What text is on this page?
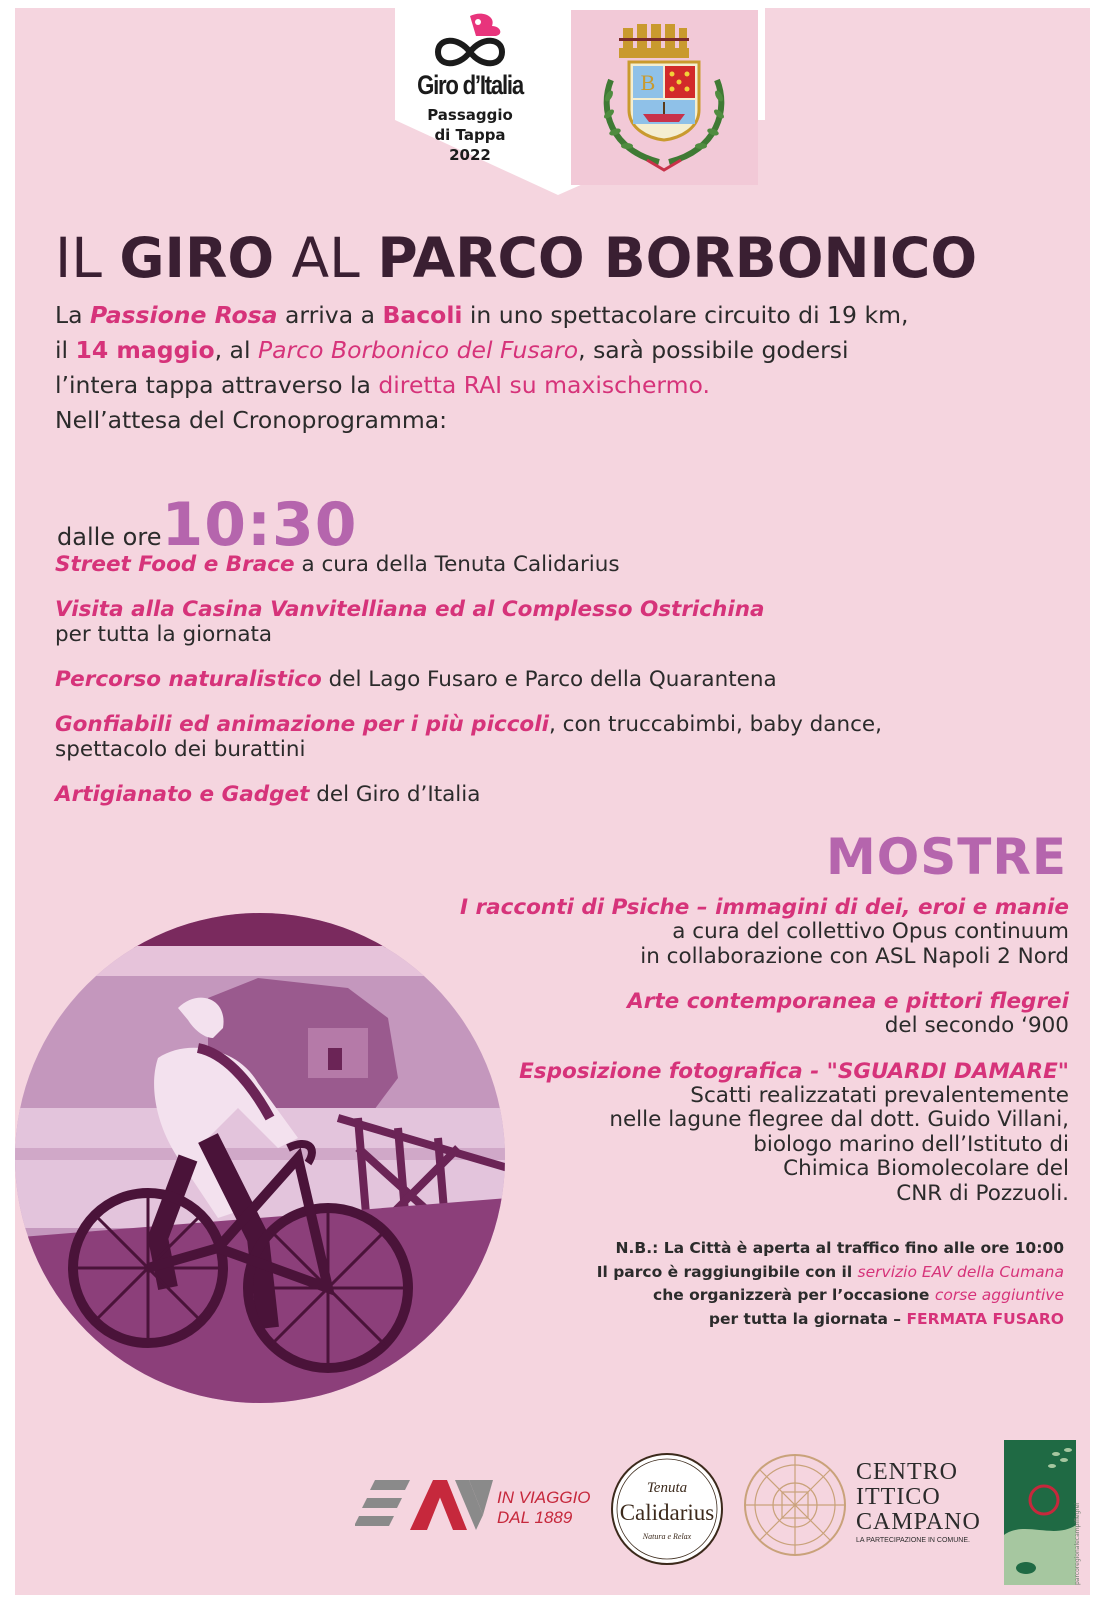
Giro d’Italia
Passaggio
di Tappa
2022
B
IL GIRO AL PARCO BORBONICO
La Passione Rosa arriva a Bacoli in uno spettacolare circuito di 19 km,
il 14 maggio, al Parco Borbonico del Fusaro, sarà possibile godersi
l’intera tappa attraverso la diretta RAI su maxischermo.
Nell’attesa del Cronoprogramma:
dalle ore10:30
Street Food e Brace a cura della Tenuta Calidarius
Visita alla Casina Vanvitelliana ed al Complesso Ostrichina
per tutta la giornata
Percorso naturalistico del Lago Fusaro e Parco della Quarantena
Gonfiabili ed animazione per i più piccoli, con truccabimbi, baby dance,
spettacolo dei burattini
Artigianato e Gadget del Giro d’Italia
MOSTRE
I racconti di Psiche – immagini di dei, eroi e manie
a cura del collettivo Opus continuum
in collaborazione con ASL Napoli 2 Nord
Arte contemporanea e pittori flegrei
del secondo ‘900
Esposizione fotografica - "SGUARDI DAMARE"
Scatti realizzatati prevalentemente
nelle lagune flegree dal dott. Guido Villani,
biologo marino dell’Istituto di
Chimica Biomolecolare del
CNR di Pozzuoli.
N.B.: La Città è aperta al traffico fino alle ore 10:00
Il parco è raggiungibile con il servizio EAV della Cumana
che organizzerà per l’occasione corse aggiuntive
per tutta la giornata – FERMATA FUSARO
IN VIAGGIO
DAL 1889
Tenuta
Calidarius
Natura e Relax
CENTRO
ITTICO
CAMPANO
LA PARTECIPAZIONE IN COMUNE.	parcoregionalecampiflegrei
